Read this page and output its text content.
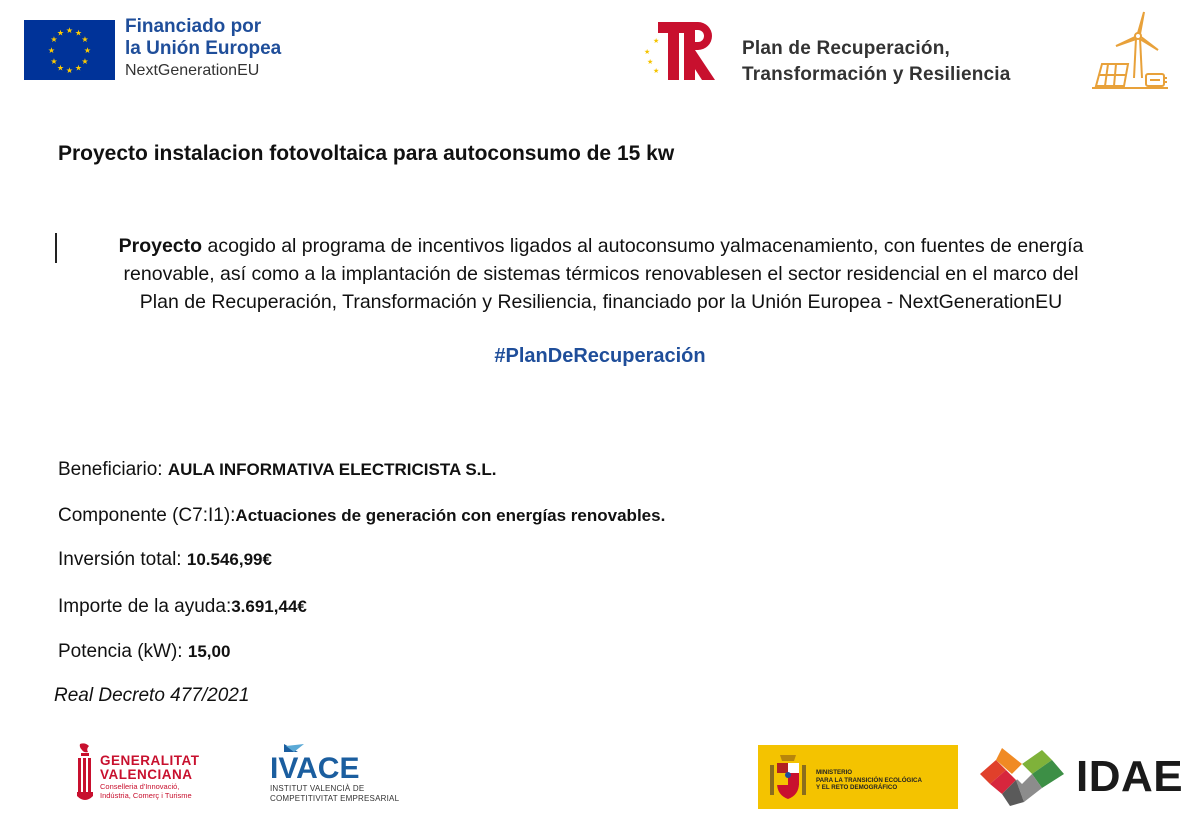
★ ★
★
★
★
★
★
★
★
★
★
★	Financiado por
la Unión Europea
NextGenerationEU
★
★
★
★	Plan de Recuperación,
Transformación y Resiliencia
Proyecto instalacion fotovoltaica para autoconsumo de 15 kw
Proyecto acogido al programa de incentivos ligados al autoconsumo yalmacenamiento, con fuentes de energía
renovable, así como a la implantación de sistemas térmicos renovablesen el sector residencial en el marco del
Plan de Recuperación, Transformación y Resiliencia, financiado por la Unión Europea - NextGenerationEU
#PlanDeRecuperación
Beneficiario: AULA INFORMATIVA ELECTRICISTA S.L.
Componente (C7:I1):Actuaciones de generación con energías renovables.
Inversión total: 10.546,99€
Importe de la ayuda:3.691,44€
Potencia (kW): 15,00
Real Decreto 477/2021
GENERALITAT
VALENCIANA
Conselleria d'Innovació,
Indústria, Comerç i Turisme
IVACE
INSTITUT VALENCIÀ DE
COMPETITIVITAT EMPRESARIAL
MINISTERIO
PARA LA TRANSICIÓN ECOLÓGICA
Y EL RETO DEMOGRÁFICO	IDAE
